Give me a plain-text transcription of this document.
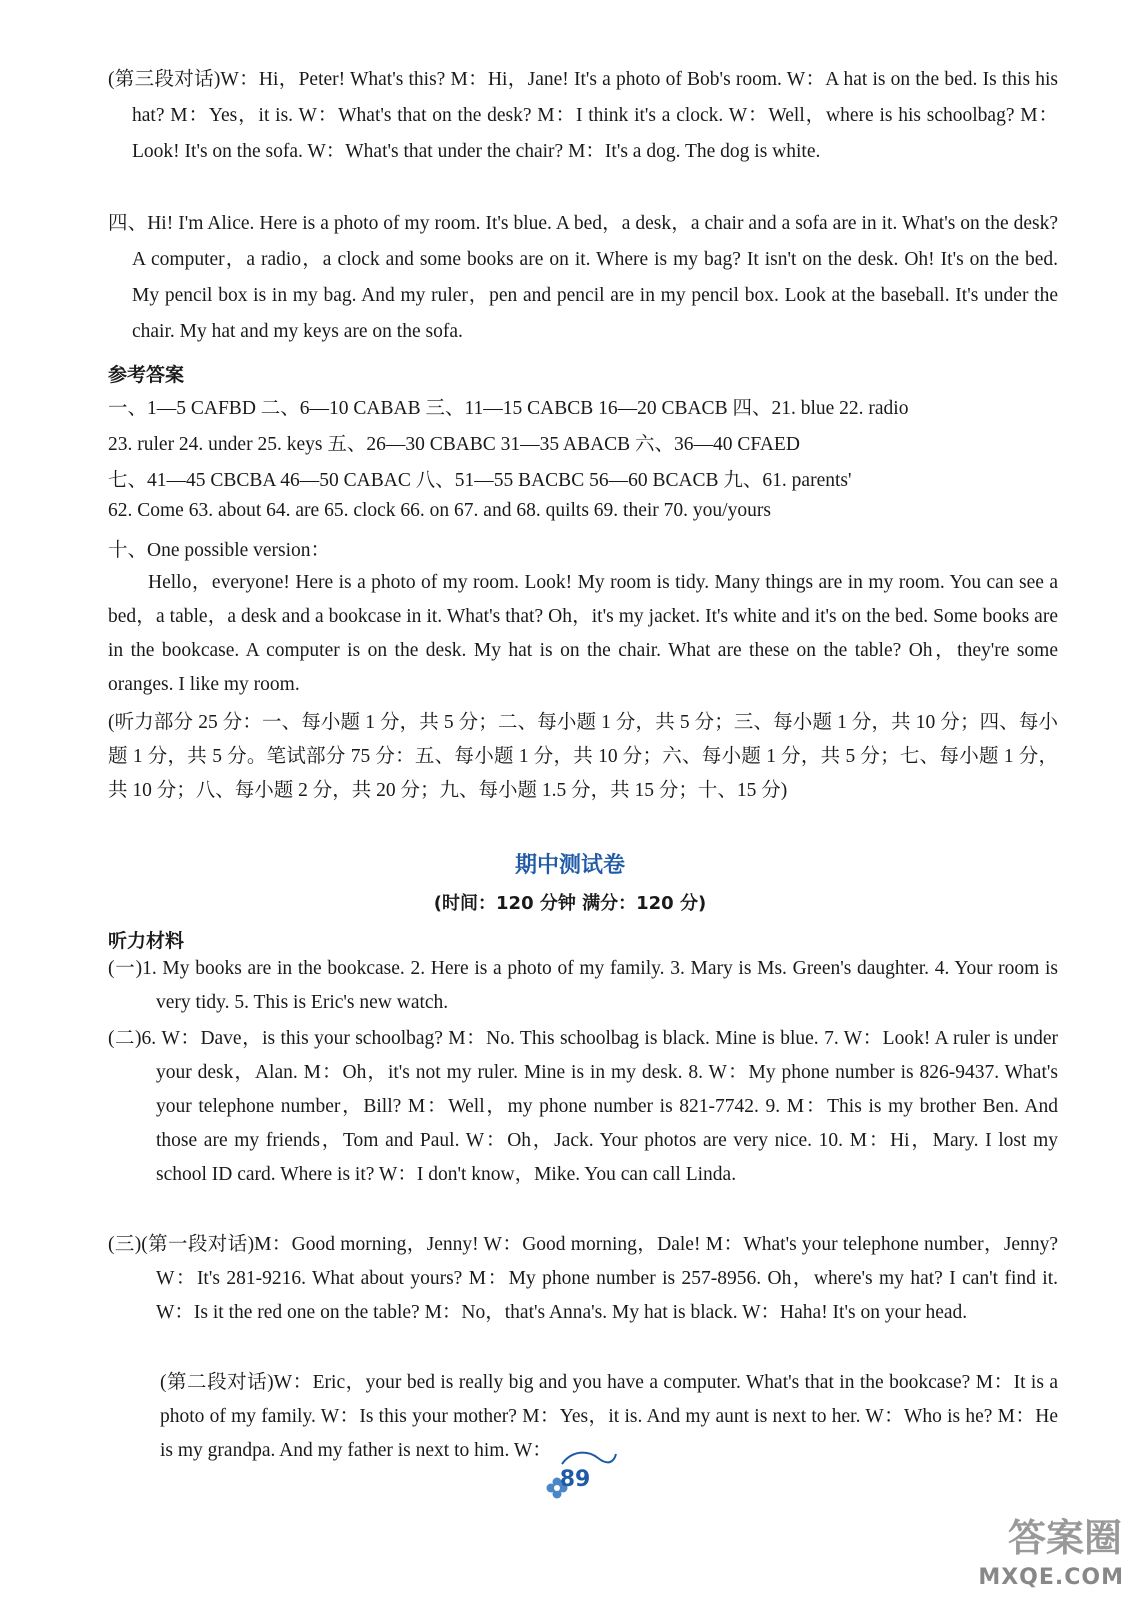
(第三段对话)W：Hi，Peter! What's this? M：Hi，Jane! It's a photo of Bob's room. W：A hat is on the bed. Is this his hat? M：Yes，it is. W：What's that on the desk? M：I think it's a clock. W：Well，where is his schoolbag? M：Look! It's on the sofa. W：What's that under the chair? M：It's a dog. The dog is white.

四、Hi! I'm Alice. Here is a photo of my room. It's blue. A bed，a desk，a chair and a sofa are in it. What's on the desk? A computer，a radio，a clock and some books are on it. Where is my bag? It isn't on the desk. Oh! It's on the bed. My pencil box is in my bag. And my ruler，pen and pencil are in my pencil box. Look at the baseball. It's under the chair. My hat and my keys are on the sofa.

参考答案

一、1—5 CAFBD 二、6—10 CABAB 三、11—15 CABCB 16—20 CBACB 四、21. blue 22. radio

23. ruler 24. under 25. keys 五、26—30 CBABC 31—35 ABACB 六、36—40 CFAED

七、41—45 CBCBA 46—50 CABAC 八、51—55 BACBC 56—60 BCACB 九、61. parents'

62. Come 63. about 64. are 65. clock 66. on 67. and 68. quilts 69. their 70. you/yours

十、One possible version：

Hello，everyone! Here is a photo of my room. Look! My room is tidy. Many things are in my room. You can see a bed，a table，a desk and a bookcase in it. What's that? Oh，it's my jacket. It's white and it's on the bed. Some books are in the bookcase. A computer is on the desk. My hat is on the chair. What are these on the table? Oh，they're some oranges. I like my room.

(听力部分 25 分：一、每小题 1 分，共 5 分；二、每小题 1 分，共 5 分；三、每小题 1 分，共 10 分；四、每小题 1 分，共 5 分。笔试部分 75 分：五、每小题 1 分，共 10 分；六、每小题 1 分，共 5 分；七、每小题 1 分，共 10 分；八、每小题 2 分，共 20 分；九、每小题 1.5 分，共 15 分；十、15 分)

期中测试卷

(时间：120 分钟 满分：120 分)

听力材料

(一)1. My books are in the bookcase. 2. Here is a photo of my family. 3. Mary is Ms. Green's daughter. 4. Your room is very tidy. 5. This is Eric's new watch.

(二)6. W：Dave，is this your schoolbag? M：No. This schoolbag is black. Mine is blue. 7. W：Look! A ruler is under your desk，Alan. M：Oh，it's not my ruler. Mine is in my desk. 8. W：My phone number is 826-9437. What's your telephone number，Bill? M：Well，my phone number is 821-7742. 9. M：This is my brother Ben. And those are my friends，Tom and Paul. W：Oh，Jack. Your photos are very nice. 10. M：Hi，Mary. I lost my school ID card. Where is it? W：I don't know，Mike. You can call Linda.

(三)(第一段对话)M：Good morning，Jenny! W：Good morning，Dale! M：What's your telephone number，Jenny? W：It's 281-9216. What about yours? M：My phone number is 257-8956. Oh，where's my hat? I can't find it. W：Is it the red one on the table? M：No，that's Anna's. My hat is black. W：Haha! It's on your head.

(第二段对话)W：Eric，your bed is really big and you have a computer. What's that in the bookcase? M：It is a photo of my family. W：Is this your mother? M：Yes，it is. And my aunt is next to her. W：Who is he? M：He is my grandpa. And my father is next to him. W：

89
答案圈
MXQE.COM
